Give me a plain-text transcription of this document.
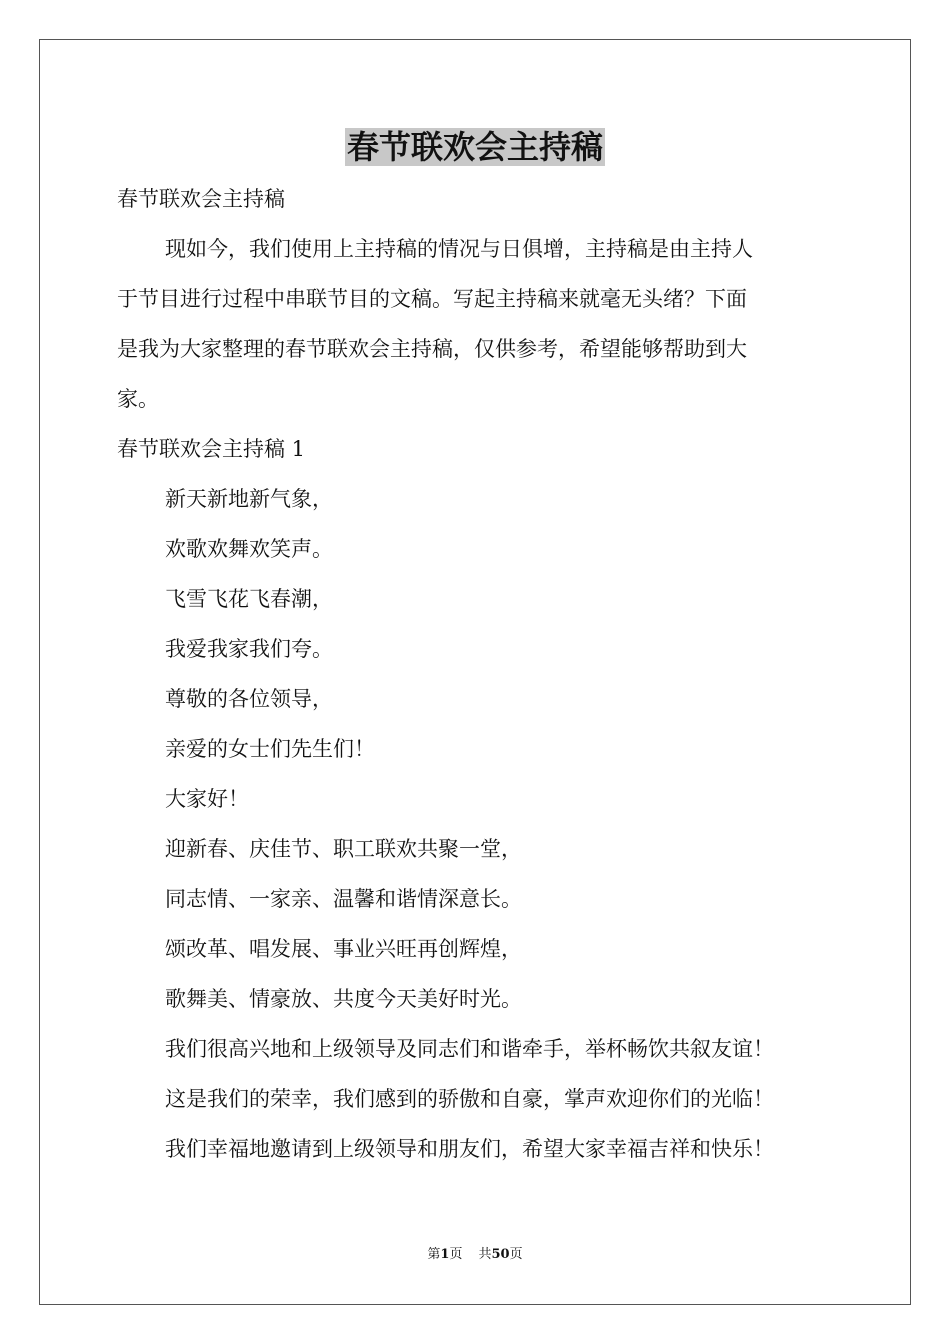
春节联欢会主持稿
春节联欢会主持稿
现如今，我们使用上主持稿的情况与日俱增，主持稿是由主持人
于节目进行过程中串联节目的文稿。写起主持稿来就毫无头绪？下面
是我为大家整理的春节联欢会主持稿，仅供参考，希望能够帮助到大
家。
春节联欢会主持稿 1
新天新地新气象，
欢歌欢舞欢笑声。
飞雪飞花飞春潮，
我爱我家我们夸。
尊敬的各位领导，
亲爱的女士们先生们！
大家好！
迎新春、庆佳节、职工联欢共聚一堂，
同志情、一家亲、温馨和谐情深意长。
颂改革、唱发展、事业兴旺再创辉煌，
歌舞美、情豪放、共度今天美好时光。
我们很高兴地和上级领导及同志们和谐牵手，举杯畅饮共叙友谊！
这是我们的荣幸，我们感到的骄傲和自豪，掌声欢迎你们的光临！
我们幸福地邀请到上级领导和朋友们，希望大家幸福吉祥和快乐！
第1页 共50页
